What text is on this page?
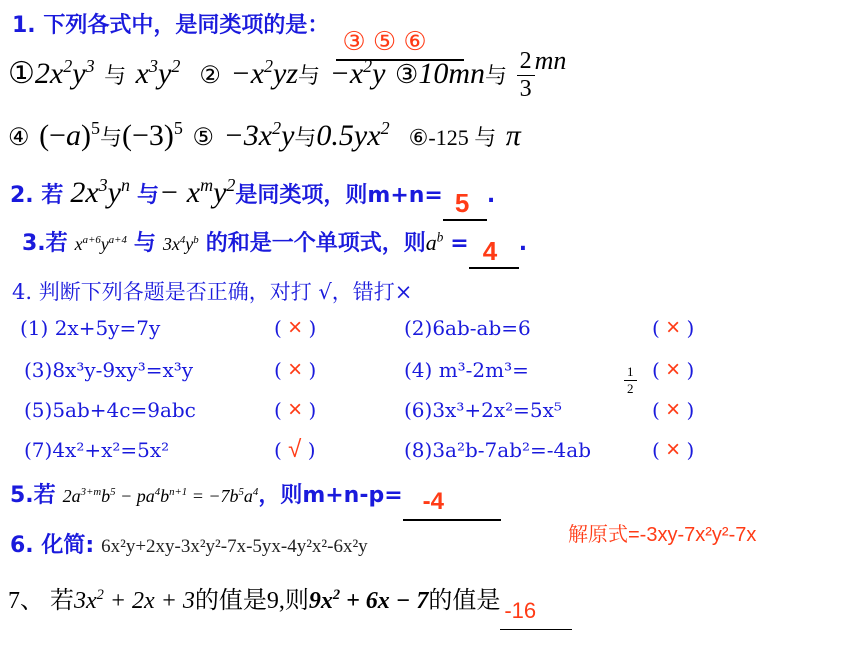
1. 下列各式中，是同类项的是：
③ ⑤ ⑥
$①2x^2y^3$ 与 $x^3y^2$ ② $-x^2yz$与 $-x^2y$ ③10mn与 $\frac{2}{3}$ mn
④ $(-a)^5$与$(-3)^5$ ⑤ $-3x^2y$与$0.5yx^2$ ⑥-125 与 π
2. 若 $2x^3y^n$ 与− $x^my^2$是同类项，则m+n= 5 .
3.若 $x^{a+6}y^{a+4}$ 与 $3x^4y^b$ 的和是一个单项式，则$a^b = 4$ .
4. 判断下列各题是否正确，对打 √，错打×
(1) 2x+5y=7y	( × )	(2)6ab-ab=6	( × )
(3)8x³y-9xy³=x³y	( × )	(4) m³-2m³=	$\frac{1}{2}$ ( × )
(5)5ab+4c=9abc	( × )	(6)3x³+2x²=5x⁵	( × )
(7)4x²+x²=5x²	( √ )	(8)3a²b-7ab²=-4ab	( × )
5.若 $2a^{3+m}b^5 - pa^4b^{n+1} = -7b^5a^4$，则m+n-p= -4
6. 化简: 6x²y+2xy-3x²y²-7x-5yx-4y²x²-6x²y
解原式=-3xy-7x²y²-7x
7、 若$3x^2 + 2x + 3$的值是9,则$9x^2 + 6x - 7$的值是 -16
